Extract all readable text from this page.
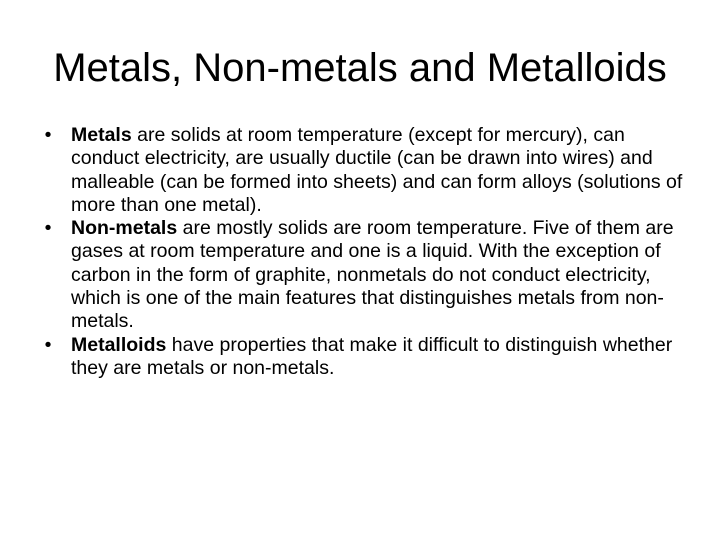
Metals, Non-metals and Metalloids
•	Metals are solids at room temperature (except for mercury), can conduct electricity, are usually ductile (can be drawn into wires) and malleable (can be formed into sheets) and can form alloys (solutions of more than one metal).
•	Non-metals are mostly solids are room temperature. Five of them are gases at room temperature and one is a liquid. With the exception of carbon in the form of graphite, nonmetals do not conduct electricity, which is one of the main features that distinguishes metals from non-metals.
•	Metalloids have properties that make it difficult to distinguish whether they are metals or non-metals.
